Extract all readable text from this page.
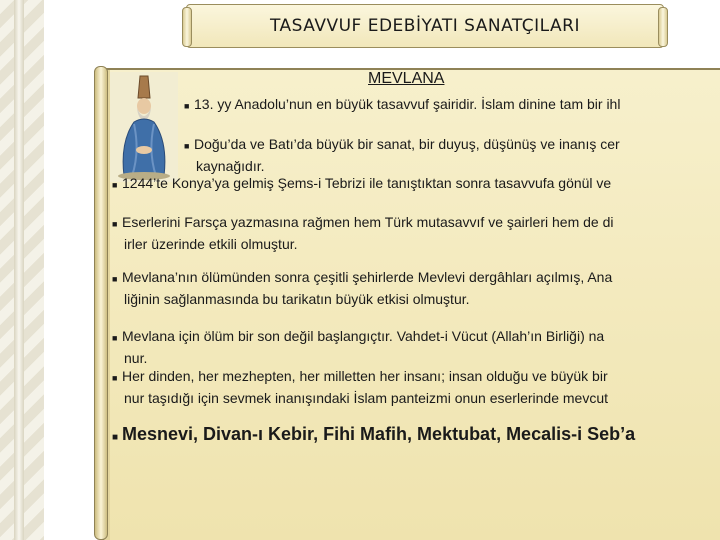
TASAVVUF EDEBİYATI SANATÇILARI
MEVLANA
■ 13. yy Anadolu’nun en büyük tasavvuf şairidir. İslam dinine tam bir ihl
■ Doğu’da ve Batı’da büyük bir sanat, bir duyuş, düşünüş ve inanış cer
kaynağıdır.
■ 1244’te Konya’ya gelmiş Şems-i Tebrizi ile tanıştıktan sonra tasavvufa gönül ve
■ Eserlerini Farsça yazmasına rağmen hem Türk mutasavvıf ve şairleri hem de di
irler üzerinde etkili olmuştur.
■ Mevlana’nın ölümünden sonra çeşitli şehirlerde Mevlevi dergâhları açılmış, Ana
liğinin sağlanmasında bu tarikatın büyük etkisi olmuştur.
■ Mevlana için ölüm bir son değil başlangıçtır. Vahdet-i Vücut (Allah’ın Birliği) na
nur.
■ Her dinden, her mezhepten, her milletten her insanı; insan olduğu ve büyük bir
nur taşıdığı için sevmek inanışındaki İslam panteizmi onun eserlerinde mevcut
■ Mesnevi, Divan-ı Kebir, Fihi Mafih, Mektubat, Mecalis-i Seb’a
